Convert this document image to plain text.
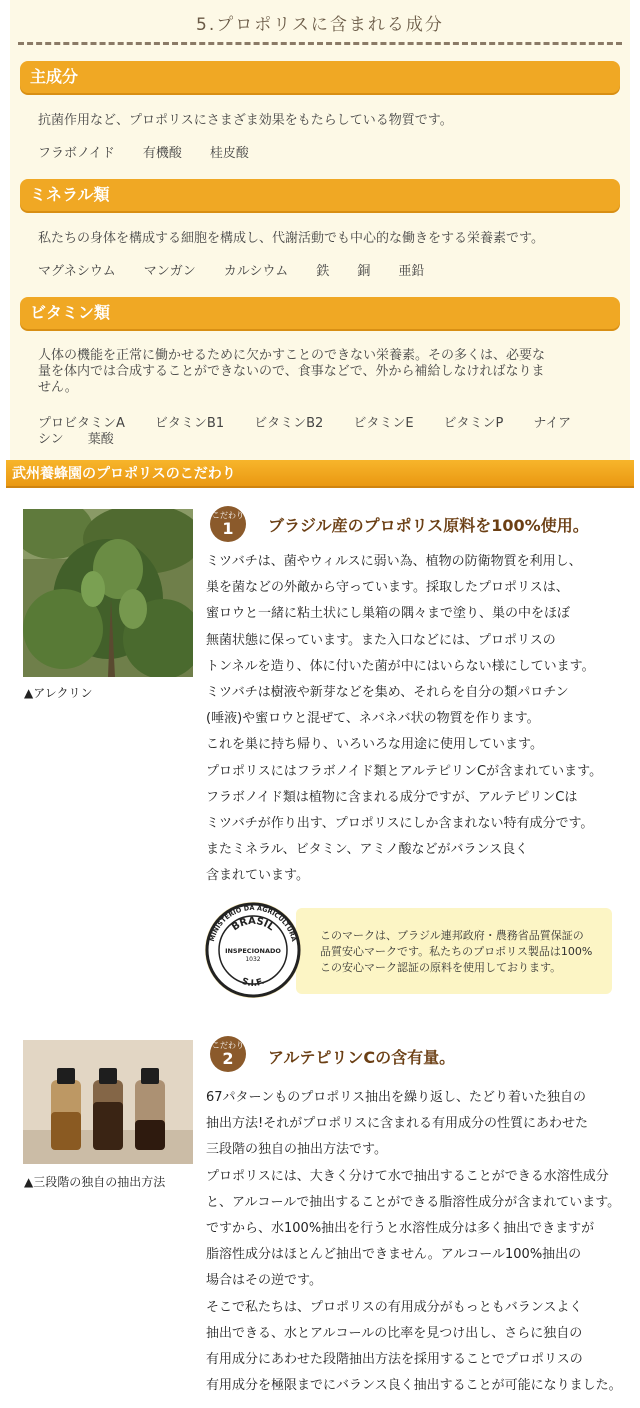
5.プロポリスに含まれる成分
主成分
抗菌作用など、プロポリスにさまざま効果をもたらしている物質です。
フラボノイド 有機酸 桂皮酸
ミネラル類
私たちの身体を構成する細胞を構成し、代謝活動でも中心的な働きをする栄養素です。
マグネシウム マンガン カルシウム 鉄 銅 亜鉛
ビタミン類
人体の機能を正常に働かせるために欠かすことのできない栄養素。その多くは、必要な
量を体内では合成することができないので、食事などで、外から補給しなければなりま
せん。
プロビタミンA ビタミンB1 ビタミンB2 ビタミンE ビタミンP ナイア
シン 葉酸
武州養蜂園のプロポリスのこだわり
▲アレクリン
こだわり
1	ブラジル産のプロポリス原料を100%使用。
ミツバチは、菌やウィルスに弱い為、植物の防衛物質を利用し、
巣を菌などの外敵から守っています。採取したプロポリスは、
蜜ロウと一緒に粘土状にし巣箱の隅々まで塗り、巣の中をほぼ
無菌状態に保っています。また入口などには、プロポリスの
トンネルを造り、体に付いた菌が中にはいらない様にしています。
ミツバチは樹液や新芽などを集め、それらを自分の類パロチン
(唾液)や蜜ロウと混ぜて、ネバネバ状の物質を作ります。
これを巣に持ち帰り、いろいろな用途に使用しています。
プロポリスにはフラボノイド類とアルテピリンCが含まれています。
フラボノイド類は植物に含まれる成分ですが、アルテピリンCは
ミツバチが作り出す、プロポリスにしか含まれない特有成分です。
またミネラル、ビタミン、アミノ酸などがバランス良く
含まれています。
MINISTÉRIO DA AGRICULTURA
BRASIL
INSPECIONADO
1032
S.I.F.
このマークは、ブラジル連邦政府・農務省品質保証の
品質安心マークです。私たちのプロポリス製品は100%
この安心マーク認証の原料を使用しております。
▲三段階の独自の抽出方法
こだわり
2	アルテピリンCの含有量。
67パターンものプロポリス抽出を繰り返し、たどり着いた独自の
抽出方法!それがプロポリスに含まれる有用成分の性質にあわせた
三段階の独自の抽出方法です。
プロポリスには、大きく分けて水で抽出することができる水溶性成分
と、アルコールで抽出することができる脂溶性成分が含まれています。
ですから、水100%抽出を行うと水溶性成分は多く抽出できますが
脂溶性成分はほとんど抽出できません。アルコール100%抽出の
場合はその逆です。
そこで私たちは、プロポリスの有用成分がもっともバランスよく
抽出できる、水とアルコールの比率を見つけ出し、さらに独自の
有用成分にあわせた段階抽出方法を採用することでプロポリスの
有用成分を極限までにバランス良く抽出することが可能になりました。
